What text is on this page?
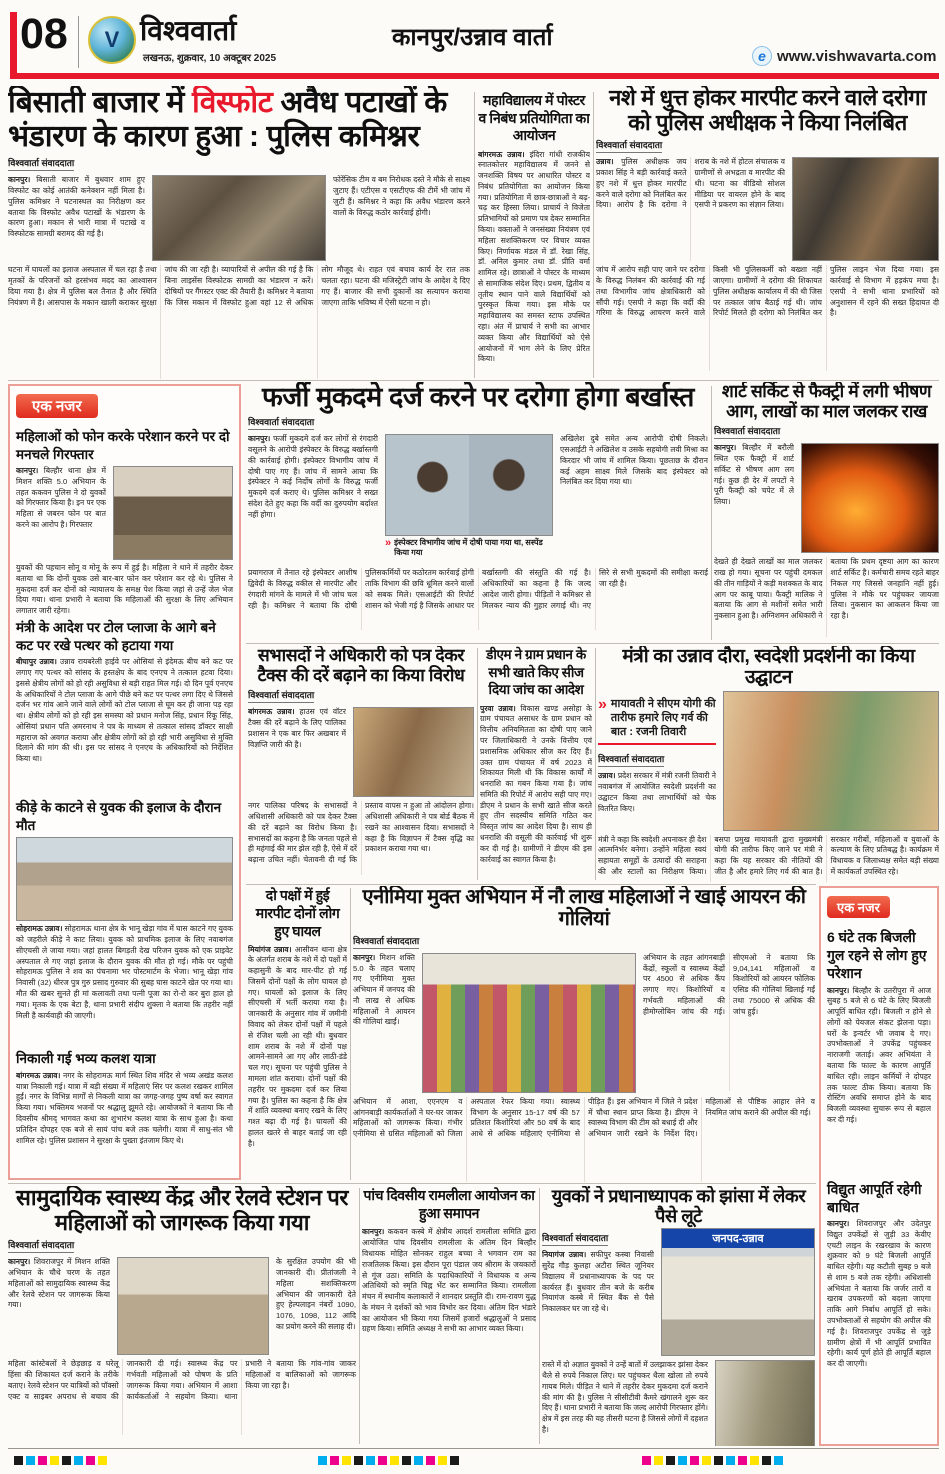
08	V विश्ववार्ता
लखनऊ, शुक्रवार, 10 अक्टूबर 2025
कानपुर/उन्नाव वार्ता
e www.vishwavarta.com
बिसाती बाजार में विस्फोट अवैध पटाखों के भंडारण के कारण हुआ : पुलिस कमिश्नर
विश्ववार्ता संवाददाता
कानपुर। बिसाती बाजार में बुधवार शाम हुए विस्फोट का कोई आतंकी कनेक्शन नहीं मिला है। पुलिस कमिश्नर ने घटनास्थल का निरीक्षण कर बताया कि विस्फोट अवैध पटाखों के भंडारण के कारण हुआ। मकान से भारी मात्रा में पटाखे व विस्फोटक सामग्री बरामद की गई है।
फोरेंसिक टीम व बम निरोधक दस्ते ने मौके से साक्ष्य जुटाए हैं। एटीएस व एसटीएफ की टीमें भी जांच में जुटी हैं। कमिश्नर ने कहा कि अवैध भंडारण करने वालों के विरुद्ध कठोर कार्रवाई होगी।
घटना में घायलों का इलाज अस्पताल में चल रहा है तथा मृतकों के परिजनों को हरसंभव मदद का आश्वासन दिया गया है। क्षेत्र में पुलिस बल तैनात है और स्थिति नियंत्रण में है। आसपास के मकान खाली कराकर सुरक्षा जांच की जा रही है। व्यापारियों से अपील की गई है कि बिना लाइसेंस विस्फोटक सामग्री का भंडारण न करें। दोषियों पर गैंगस्टर एक्ट की तैयारी है। कमिश्नर ने बताया कि जिस मकान में विस्फोट हुआ वहां 12 से अधिक लोग मौजूद थे। राहत एवं बचाव कार्य देर रात तक चलता रहा। घटना की मजिस्ट्रेटी जांच के आदेश दे दिए गए हैं। बाजार की सभी दुकानों का सत्यापन कराया जाएगा ताकि भविष्य में ऐसी घटना न हो।
महाविद्यालय में पोस्टर व निबंध प्रतियोगिता का आयोजन
बांगरमऊ उन्नाव। इंदिरा गांधी राजकीय स्नातकोत्तर महाविद्यालय में जनने से जनशक्ति विषय पर आधारित पोस्टर व निबंध प्रतियोगिता का आयोजन किया गया। प्रतियोगिता में छात्र-छात्राओं ने बढ़-चढ़ कर हिस्सा लिया। प्राचार्य ने विजेता प्रतिभागियों को प्रमाण पत्र देकर सम्मानित किया। वक्ताओं ने जनसंख्या नियंत्रण एवं महिला सशक्तिकरण पर विचार व्यक्त किए। निर्णायक मंडल में डॉ. रेखा सिंह, डॉ. अनिल कुमार तथा डॉ. प्रीति वर्मा शामिल रहे। छात्राओं ने पोस्टर के माध्यम से सामाजिक संदेश दिए। प्रथम, द्वितीय व तृतीय स्थान पाने वाले विद्यार्थियों को पुरस्कृत किया गया। इस मौके पर महाविद्यालय का समस्त स्टाफ उपस्थित रहा। अंत में प्राचार्य ने सभी का आभार व्यक्त किया और विद्यार्थियों को ऐसे आयोजनों में भाग लेने के लिए प्रेरित किया।
नशे में धुत्त होकर मारपीट करने वाले दरोगा को पुलिस अधीक्षक ने किया निलंबित
विश्ववार्ता संवाददाता
उन्नाव। पुलिस अधीक्षक जय प्रकाश सिंह ने बड़ी कार्रवाई करते हुए नशे में धुत्त होकर मारपीट करने वाले दरोगा को निलंबित कर दिया। आरोप है कि दरोगा ने शराब के नशे में होटल संचालक व ग्रामीणों से अभद्रता व मारपीट की थी। घटना का वीडियो सोशल मीडिया पर वायरल होने के बाद एसपी ने प्रकरण का संज्ञान लिया।
जांच में आरोप सही पाए जाने पर दरोगा के विरुद्ध निलंबन की कार्रवाई की गई तथा विभागीय जांच क्षेत्राधिकारी को सौंपी गई। एसपी ने कहा कि वर्दी की गरिमा के विरुद्ध आचरण करने वाले किसी भी पुलिसकर्मी को बख्शा नहीं जाएगा। ग्रामीणों ने दरोगा की शिकायत पुलिस अधीक्षक कार्यालय में की थी जिस पर तत्काल जांच बैठाई गई थी। जांच रिपोर्ट मिलते ही दरोगा को निलंबित कर पुलिस लाइन भेज दिया गया। इस कार्रवाई से विभाग में हड़कंप मचा है। एसपी ने सभी थाना प्रभारियों को अनुशासन में रहने की सख्त हिदायत दी है।
एक नजर
महिलाओं को फोन करके परेशान करने पर दो मनचले गिरफ्तार
कानपुर। बिल्हौर थाना क्षेत्र में मिशन शक्ति 5.0 अभियान के तहत ककवन पुलिस ने दो युवकों को गिरफ्तार किया है। इन पर एक महिला से जबरन फोन पर बात करने का आरोप है। गिरफ्तार
युवकों की पहचान सोनू व मोनू के रूप में हुई है। महिला ने थाने में तहरीर देकर बताया था कि दोनों युवक उसे बार-बार फोन कर परेशान कर रहे थे। पुलिस ने मुकदमा दर्ज कर दोनों को न्यायालय के समक्ष पेश किया जहां से उन्हें जेल भेज दिया गया। थाना प्रभारी ने बताया कि महिलाओं की सुरक्षा के लिए अभियान लगातार जारी रहेगा।
मंत्री के आदेश पर टोल प्लाजा के आगे बने कट पर रखे पत्थर को हटाया गया
बीघापुर उन्नाव। उन्नाव रायबरेली हाईवे पर ओसियां से इंदेमऊ बीच बने कट पर लगाए गए पत्थर को सांसद के हस्तक्षेप के बाद एनएच ने तत्काल हटवा दिया। इससे क्षेत्रीय लोगों को हो रही असुविधा से बड़ी राहत मिल गई। दो दिन पूर्व एनएच के अधिकारियों ने टोल प्लाजा के आगे पीछे बने कट पर पत्थर लगा दिए थे जिससे दर्जन भर गांव आने जाने वाले लोगों को टोल प्लाजा से घूम कर ही जाना पड़ रहा था। क्षेत्रीय लोगों को हो रही इस समस्या को प्रधान मनोज सिंह, प्रधान रिंकू सिंह, ओसियां प्रधान पति अमरनाथ ने पत्र के माध्यम से तत्काल सांसद डॉक्टर साक्षी महाराज को अवगत कराया और क्षेत्रीय लोगों को हो रही भारी असुविधा से मुक्ति दिलाने की मांग की थी। इस पर सांसद ने एनएच के अधिकारियों को निर्देशित किया था।
कीड़े के काटने से युवक की इलाज के दौरान मौत
सोहरामऊ उन्नाव। सोहरामऊ थाना क्षेत्र के भानू खेड़ा गांव में घास काटने गए युवक को जहरीले कीड़े ने काट लिया। युवक को प्राथमिक इलाज के लिए नवाबगंज सीएचसी ले जाया गया। जहां हालत बिगड़ती देख परिजन युवक को एक प्राइवेट अस्पताल ले गए जहां इलाज के दौरान युवक की मौत हो गई। मौके पर पहुंची सोहरामऊ पुलिस ने शव का पंचनामा भर पोस्टमार्टम के भेजा। भानू खेड़ा गांव निवासी (32) धीरज पुत्र गुरु प्रसाद गुरुवार की सुबह घास काटने खेत पर गया था। मौत की खबर सुनते ही मां कलावती तथा पत्नी पूजा का रो-रो कर बुरा हाल हो गया। मृतक के एक बेटा है, थाना प्रभारी संदीप शुक्ला ने बताया कि तहरीर नहीं मिली है कार्यवाही की जाएगी।
निकाली गई भव्य कलश यात्रा
बांगरमऊ उन्नाव। नगर के सोहरामऊ मार्ग स्थित शिव मंदिर से भव्य अखंड कलश यात्रा निकाली गई। यात्रा में बड़ी संख्या में महिलाएं सिर पर कलश रखकर शामिल हुईं। नगर के विभिन्न मार्गों से निकली यात्रा का जगह-जगह पुष्प वर्षा कर स्वागत किया गया। भक्तिमय भजनों पर श्रद्धालु झूमते रहे। आयोजकों ने बताया कि नौ दिवसीय श्रीमद् भागवत कथा का शुभारंभ कलश यात्रा के साथ हुआ है। कथा प्रतिदिन दोपहर एक बजे से सायं पांच बजे तक चलेगी। यात्रा में साधु-संत भी शामिल रहे। पुलिस प्रशासन ने सुरक्षा के पुख्ता इंतजाम किए थे।
फर्जी मुकदमे दर्ज करने पर दरोगा होगा बर्खास्त
विश्ववार्ता संवाददाता
कानपुर। फर्जी मुकदमे दर्ज कर लोगों से रंगदारी वसूलने के आरोपी इंस्पेक्टर के विरुद्ध बर्खास्तगी की कार्रवाई होगी। इंस्पेक्टर विभागीय जांच में दोषी पाए गए हैं। जांच में सामने आया कि इंस्पेक्टर ने कई निर्दोष लोगों के विरुद्ध फर्जी मुकदमे दर्ज कराए थे। पुलिस कमिश्नर ने सख्त संदेश देते हुए कहा कि वर्दी का दुरुपयोग बर्दाश्त नहीं होगा।
» इंस्पेक्टर विभागीय जांच में दोषी पाया गया था, सस्पेंड किया गया
अखिलेश दुबे समेत अन्य आरोपी दोषी निकले। एसआईटी ने अखिलेश व उसके सहयोगी लवी मिश्रा का किरदार भी जांच में शामिल किया। पूछताछ के दौरान कई अहम साक्ष्य मिले जिसके बाद इंस्पेक्टर को निलंबित कर दिया गया था।
प्रयागराज में तैनात रहे इंस्पेक्टर आशीष द्विवेदी के विरुद्ध वकील से मारपीट और रंगदारी मांगने के मामले में भी जांच चल रही है। कमिश्नर ने बताया कि दोषी पुलिसकर्मियों पर कठोरतम कार्रवाई होगी ताकि विभाग की छवि धूमिल करने वालों को सबक मिले। एसआईटी की रिपोर्ट शासन को भेजी गई है जिसके आधार पर बर्खास्तगी की संस्तुति की गई है। अधिकारियों का कहना है कि जल्द आदेश जारी होगा। पीड़ितों ने कमिश्नर से मिलकर न्याय की गुहार लगाई थी। नए सिरे से सभी मुकदमों की समीक्षा कराई जा रही है।
शार्ट सर्किट से फैक्ट्री में लगी भीषण आग, लाखों का माल जलकर राख
विश्ववार्ता संवाददाता
कानपुर। बिल्हौर में बरौली स्थित एक फैक्ट्री में शार्ट सर्किट से भीषण आग लग गई। कुछ ही देर में लपटों ने पूरी फैक्ट्री को चपेट में ले लिया।
देखते ही देखते लाखों का माल जलकर राख हो गया। सूचना पर पहुंची दमकल की तीन गाड़ियों ने कड़ी मशक्कत के बाद आग पर काबू पाया। फैक्ट्री मालिक ने बताया कि आग से मशीनों समेत भारी नुकसान हुआ है। अग्निशमन अधिकारी ने बताया कि प्रथम दृष्टया आग का कारण शार्ट सर्किट है। कर्मचारी समय रहते बाहर निकल गए जिससे जनहानि नहीं हुई। पुलिस ने मौके पर पहुंचकर जायजा लिया। नुकसान का आकलन किया जा रहा है।
सभासदों ने अधिकारी को पत्र देकर टैक्स की दरें बढ़ाने का किया विरोध
विश्ववार्ता संवाददाता
बांगरमऊ उन्नाव। हाउस एवं वॉटर टैक्स की दरें बढ़ाने के लिए पालिका प्रशासन ने एक बार फिर अखबार में विज्ञप्ति जारी की है।
नगर पालिका परिषद के सभासदों ने अधिशासी अधिकारी को पत्र देकर टैक्स की दरें बढ़ाने का विरोध किया है। सभासदों का कहना है कि जनता पहले से ही महंगाई की मार झेल रही है, ऐसे में दरें बढ़ाना उचित नहीं। चेतावनी दी गई कि प्रस्ताव वापस न हुआ तो आंदोलन होगा। अधिशासी अधिकारी ने पत्र बोर्ड बैठक में रखने का आश्वासन दिया। सभासदों ने कहा है कि विज्ञापन में टैक्स वृद्धि का प्रकाशन कराया गया था।
डीएम ने ग्राम प्रधान के सभी खाते किए सीज दिया जांच का आदेश
पुरवा उन्नाव। विकास खण्ड असोहा के ग्राम पंचायत असाधर के ग्राम प्रधान को वित्तीय अनियमितता का दोषी पाए जाने पर जिलाधिकारी ने उनके वित्तीय एवं प्रशासनिक अधिकार सीज कर दिए हैं। उक्त ग्राम पंचायत में वर्ष 2023 में शिकायत मिली थी कि विकास कार्यों में धनराशि का गबन किया गया है। जांच समिति की रिपोर्ट में आरोप सही पाए गए। डीएम ने प्रधान के सभी खाते सीज करते हुए तीन सदस्यीय समिति गठित कर विस्तृत जांच का आदेश दिया है। साथ ही धनराशि की वसूली की कार्रवाई भी शुरू कर दी गई है। ग्रामीणों ने डीएम की इस कार्रवाई का स्वागत किया है।
मंत्री का उन्नाव दौरा, स्वदेशी प्रदर्शनी का किया उद्घाटन
» मायावती ने सीएम योगी की तारीफ हमारे लिए गर्व की बात : रजनी तिवारी
विश्ववार्ता संवाददाता
उन्नाव। प्रदेश सरकार में मंत्री रजनी तिवारी ने नवाबगंज में आयोजित स्वदेशी प्रदर्शनी का उद्घाटन किया तथा लाभार्थियों को चेक वितरित किए।
मंत्री ने कहा कि स्वदेशी अपनाकर ही देश आत्मनिर्भर बनेगा। उन्होंने महिला स्वयं सहायता समूहों के उत्पादों की सराहना की और स्टालों का निरीक्षण किया। बसपा प्रमुख मायावती द्वारा मुख्यमंत्री योगी की तारीफ किए जाने पर मंत्री ने कहा कि यह सरकार की नीतियों की जीत है और हमारे लिए गर्व की बात है। सरकार गरीबों, महिलाओं व युवाओं के कल्याण के लिए प्रतिबद्ध है। कार्यक्रम में विधायक व जिलाध्यक्ष समेत बड़ी संख्या में कार्यकर्ता उपस्थित रहे।
दो पक्षों में हुई मारपीट दोनों लोग हुए घायल
मियांगंज उन्नाव। आसीवन थाना क्षेत्र के अंतर्गत शराब के नशे में दो पक्षों में कहासुनी के बाद मार-पीट हो गई जिसमें दोनों पक्षों के लोग घायल हो गए। घायलों को इलाज के लिए सीएचसी में भर्ती कराया गया है। जानकारी के अनुसार गांव में जमीनी विवाद को लेकर दोनों पक्षों में पहले से रंजिश चली आ रही थी। बुधवार शाम शराब के नशे में दोनों पक्ष आमने-सामने आ गए और लाठी-डंडे चल गए। सूचना पर पहुंची पुलिस ने मामला शांत कराया। दोनों पक्षों की तहरीर पर मुकदमा दर्ज कर लिया गया है। पुलिस का कहना है कि क्षेत्र में शांति व्यवस्था बनाए रखने के लिए गश्त बढ़ा दी गई है। घायलों की हालत खतरे से बाहर बताई जा रही है।
एनीमिया मुक्त अभियान में नौ लाख महिलाओं ने खाई आयरन की गोलियां
विश्ववार्ता संवाददाता
कानपुर। मिशन शक्ति 5.0 के तहत चलाए गए एनीमिया मुक्त अभियान में जनपद की नौ लाख से अधिक महिलाओं ने आयरन की गोलियां खाईं।
अभियान के तहत आंगनबाड़ी केंद्रों, स्कूलों व स्वास्थ्य केंद्रों पर 4500 से अधिक कैंप लगाए गए। किशोरियों व गर्भवती महिलाओं की हीमोग्लोबिन जांच की गई। सीएमओ ने बताया कि 9,04,141 महिलाओं व किशोरियों को आयरन फोलिक एसिड की गोलियां खिलाई गईं तथा 75000 से अधिक की जांच हुई।
अभियान में आशा, एएनएम व आंगनबाड़ी कार्यकर्ताओं ने घर-घर जाकर महिलाओं को जागरूक किया। गंभीर एनीमिया से ग्रसित महिलाओं को जिला अस्पताल रेफर किया गया। स्वास्थ्य विभाग के अनुसार 15-17 वर्ष की 57 प्रतिशत किशोरियां और 50 वर्ष के बाद आधे से अधिक महिलाएं एनीमिया से पीड़ित हैं। इस अभियान में जिले ने प्रदेश में चौथा स्थान प्राप्त किया है। डीएम ने स्वास्थ्य विभाग की टीम को बधाई दी और अभियान जारी रखने के निर्देश दिए। महिलाओं से पौष्टिक आहार लेने व नियमित जांच कराने की अपील की गई।
एक नजर
6 घंटे तक बिजली गुल रहने से लोग हुए परेशान
कानपुर। बिल्हौर के उतरीपुरा में आज सुबह 5 बजे से 6 घंटे के लिए बिजली आपूर्ति बाधित रही। बिजली न होने से लोगों को पेयजल संकट झेलना पड़ा। घरों के इन्वर्टर भी जवाब दे गए। उपभोक्ताओं ने उपकेंद्र पहुंचकर नाराजगी जताई। अवर अभियंता ने बताया कि फाल्ट के कारण आपूर्ति बाधित रही। लाइन कर्मियों ने दोपहर तक फाल्ट ठीक किया। बताया कि रोस्टिंग अवधि समाप्त होने के बाद बिजली व्यवस्था सुचारू रूप से बहाल कर दी गई।
विद्युत आपूर्ति रहेगी बाधित
कानपुर। शिवराजपुर और उदेतपुर विद्युत उपकेंद्रों से जुड़ी 33 केवीए एचटी लाइन के रखरखाव के कारण शुक्रवार को 9 घंटे बिजली आपूर्ति बाधित रहेगी। यह कटौती सुबह 9 बजे से शाम 5 बजे तक रहेगी। अधिशासी अभियंता ने बताया कि जर्जर तारों व खराब उपकरणों को बदला जाएगा ताकि आगे निर्बाध आपूर्ति हो सके। उपभोक्ताओं से सहयोग की अपील की गई है। शिवराजपुर उपकेंद्र से जुड़े ग्रामीण क्षेत्रों में भी आपूर्ति प्रभावित रहेगी। कार्य पूर्ण होते ही आपूर्ति बहाल कर दी जाएगी।
सामुदायिक स्वास्थ्य केंद्र और रेलवे स्टेशन पर महिलाओं को जागरूक किया गया
विश्ववार्ता संवाददाता
कानपुर। शिवराजपुर में मिशन शक्ति अभियान के चौथे चरण के तहत महिलाओं को सामुदायिक स्वास्थ्य केंद्र और रेलवे स्टेशन पर जागरूक किया गया।
के सुरक्षित उपयोग की भी जानकारी दी। प्रीतांजली ने महिला सशक्तिकरण अभियान की जानकारी देते हुए हेल्पलाइन नंबरों 1090, 1076, 1098, 112 आदि का प्रयोग करने की सलाह दी।
महिला कांस्टेबलों ने छेड़छाड़ व घरेलू हिंसा की शिकायत दर्ज कराने के तरीके बताए। रेलवे स्टेशन पर यात्रियों को पॉक्सो एक्ट व साइबर अपराध से बचाव की जानकारी दी गई। स्वास्थ्य केंद्र पर गर्भवती महिलाओं को पोषण के प्रति जागरूक किया गया। अभियान में आशा कार्यकर्ताओं ने सहयोग किया। थाना प्रभारी ने बताया कि गांव-गांव जाकर महिलाओं व बालिकाओं को जागरूक किया जा रहा है।
पांच दिवसीय रामलीला आयोजन का हुआ समापन
कानपुर। ककवन कस्बे में क्षेत्रीय आदर्श रामलीला समिति द्वारा आयोजित पांच दिवसीय रामलीला के अंतिम दिन बिल्हौर विधायक मोहित सोनकर राहुल बच्चा ने भगवान राम का राजतिलक किया। इस दौरान पूरा पंडाल जय श्रीराम के जयकारों से गूंज उठा। समिति के पदाधिकारियों ने विधायक व अन्य अतिथियों को स्मृति चिह्न भेंट कर सम्मानित किया। रामलीला मंचन में स्थानीय कलाकारों ने शानदार प्रस्तुति दी। राम-रावण युद्ध के मंचन ने दर्शकों को भाव विभोर कर दिया। अंतिम दिन भंडारे का आयोजन भी किया गया जिसमें हजारों श्रद्धालुओं ने प्रसाद ग्रहण किया। समिति अध्यक्ष ने सभी का आभार व्यक्त किया।
युवकों ने प्रधानाध्यापक को झांसा में लेकर पैसे लूटे
विश्ववार्ता संवाददाता
नियागंज उन्नाव। सफीपुर कस्बा निवासी सुरेंद्र गौड़ कुलहा अटौरा स्थित जूनियर विद्यालय में प्रधानाध्यापक के पद पर कार्यरत हैं। बुधवार तीन बजे के करीब नियागंज कस्बे में स्थित बैंक से पैसे निकालकर घर जा रहे थे।
जनपद-उन्नाव
रास्ते में दो अज्ञात युवकों ने उन्हें बातों में उलझाकर झांसा देकर थैले से रुपये निकाल लिए। घर पहुंचकर थैला खोला तो रुपये गायब मिले। पीड़ित ने थाने में तहरीर देकर मुकदमा दर्ज कराने की मांग की है। पुलिस ने सीसीटीवी कैमरे खंगालने शुरू कर दिए हैं। थाना प्रभारी ने बताया कि जल्द आरोपी गिरफ्तार होंगे। क्षेत्र में इस तरह की यह तीसरी घटना है जिससे लोगों में दहशत है।
